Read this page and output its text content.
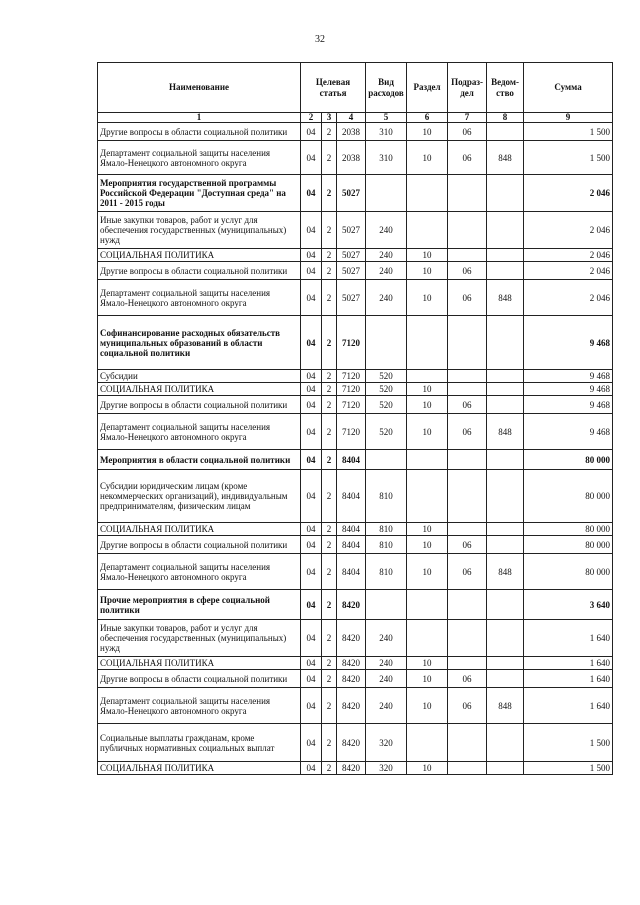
32
Наименование	Целевая статья			Вид расходов	Раздел	Подраз-дел	Ведом-ство	Сумма
1	2	3	4	5	6	7	8	9
Другие вопросы в области социальной политики	04	2	2038	310	10	06		1 500
Департамент социальной защиты населения Ямало-Ненецкого автономного округа	04	2	2038	310	10	06	848	1 500
Мероприятия государственной программы Российской Федерации "Доступная среда" на 2011 - 2015 годы	04	2	5027					2 046
Иные закупки товаров, работ и услуг для обеспечения государственных (муниципальных) нужд	04	2	5027	240				2 046
СОЦИАЛЬНАЯ ПОЛИТИКА	04	2	5027	240	10			2 046
Другие вопросы в области социальной политики	04	2	5027	240	10	06		2 046
Департамент социальной защиты населения Ямало-Ненецкого автономного округа	04	2	5027	240	10	06	848	2 046
Софинансирование расходных обязательств муниципальных образований в области социальной политики	04	2	7120					9 468
Субсидии	04	2	7120	520				9 468
СОЦИАЛЬНАЯ ПОЛИТИКА	04	2	7120	520	10			9 468
Другие вопросы в области социальной политики	04	2	7120	520	10	06		9 468
Департамент социальной защиты населения Ямало-Ненецкого автономного округа	04	2	7120	520	10	06	848	9 468
Мероприятия в области социальной политики	04	2	8404					80 000
Субсидии юридическим лицам (кроме некоммерческих организаций), индивидуальным предпринимателям, физическим лицам	04	2	8404	810				80 000
СОЦИАЛЬНАЯ ПОЛИТИКА	04	2	8404	810	10			80 000
Другие вопросы в области социальной политики	04	2	8404	810	10	06		80 000
Департамент социальной защиты населения Ямало-Ненецкого автономного округа	04	2	8404	810	10	06	848	80 000
Прочие мероприятия в сфере социальной политики	04	2	8420					3 640
Иные закупки товаров, работ и услуг для обеспечения государственных (муниципальных) нужд	04	2	8420	240				1 640
СОЦИАЛЬНАЯ ПОЛИТИКА	04	2	8420	240	10			1 640
Другие вопросы в области социальной политики	04	2	8420	240	10	06		1 640
Департамент социальной защиты населения Ямало-Ненецкого автономного округа	04	2	8420	240	10	06	848	1 640
Социальные выплаты гражданам, кроме публичных нормативных социальных выплат	04	2	8420	320				1 500
СОЦИАЛЬНАЯ ПОЛИТИКА	04	2	8420	320	10			1 500
